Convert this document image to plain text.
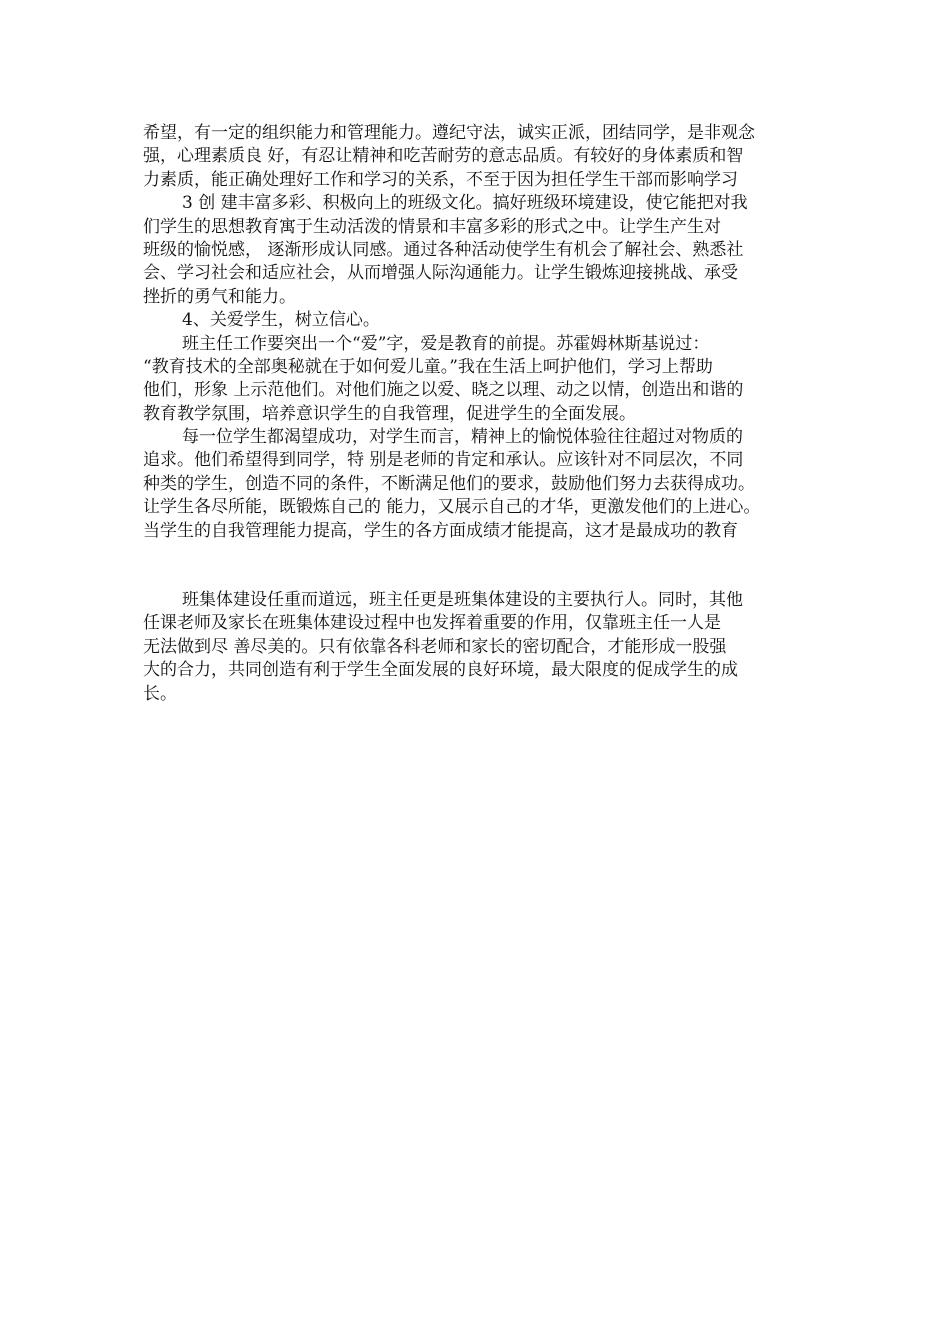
希望，有一定的组织能力和管理能力。遵纪守法，诚实正派，团结同学，是非观念
强，心理素质良 好，有忍让精神和吃苦耐劳的意志品质。有较好的身体素质和智
力素质，能正确处理好工作和学习的关系，不至于因为担任学生干部而影响学习
3 创 建丰富多彩、积极向上的班级文化。搞好班级环境建设，使它能把对我
们学生的思想教育寓于生动活泼的情景和丰富多彩的形式之中。让学生产生对
班级的愉悦感， 逐渐形成认同感。通过各种活动使学生有机会了解社会、熟悉社
会、学习社会和适应社会，从而增强人际沟通能力。让学生锻炼迎接挑战、承受
挫折的勇气和能力。
4、关爱学生，树立信心。
班主任工作要突出一个“爱”字，爱是教育的前提。苏霍姆林斯基说过：
“教育技术的全部奥秘就在于如何爱儿童。”我在生活上呵护他们，学习上帮助
他们，形象 上示范他们。对他们施之以爱、晓之以理、动之以情，创造出和谐的
教育教学氛围，培养意识学生的自我管理，促进学生的全面发展。
每一位学生都渴望成功，对学生而言，精神上的愉悦体验往往超过对物质的
追求。他们希望得到同学，特 别是老师的肯定和承认。应该针对不同层次，不同
种类的学生，创造不同的条件，不断满足他们的要求，鼓励他们努力去获得成功。
让学生各尽所能，既锻炼自己的 能力，又展示自己的才华，更激发他们的上进心。
当学生的自我管理能力提高，学生的各方面成绩才能提高，这才是最成功的教育
班集体建设任重而道远，班主任更是班集体建设的主要执行人。同时，其他
任课老师及家长在班集体建设过程中也发挥着重要的作用，仅靠班主任一人是
无法做到尽 善尽美的。只有依靠各科老师和家长的密切配合，才能形成一股强
大的合力，共同创造有利于学生全面发展的良好环境，最大限度的促成学生的成
长。
